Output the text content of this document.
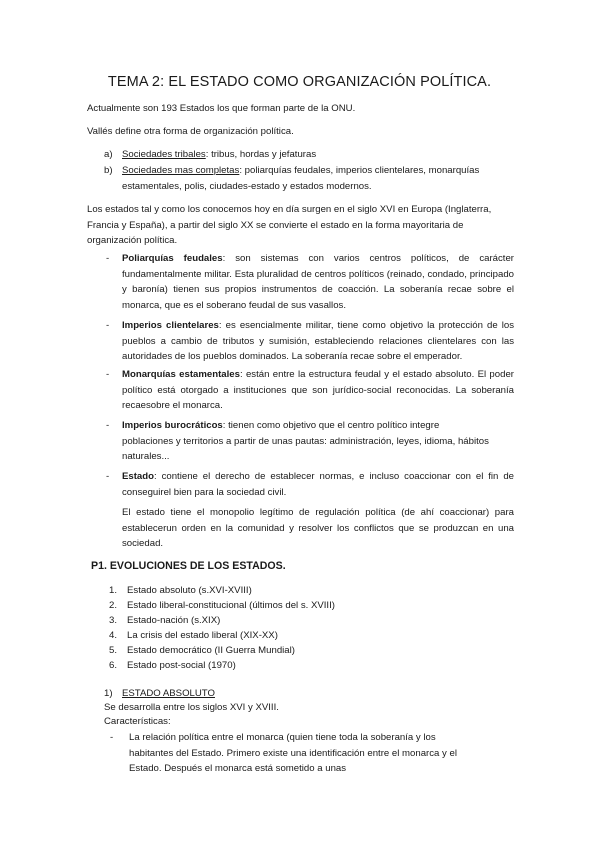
TEMA 2: EL ESTADO COMO ORGANIZACIÓN POLÍTICA.
Actualmente son 193 Estados los que forman parte de la ONU.
Vallés define otra forma de organización política.
a) Sociedades tribales: tribus, hordas y jefaturas
b) Sociedades mas completas: poliarquías feudales, imperios clientelares, monarquías estamentales, polis, ciudades-estado y estados modernos.
Los estados tal y como los conocemos hoy en día surgen en el siglo XVI en Europa (Inglaterra, Francia y España), a partir del siglo XX se convierte el estado en la forma mayoritaria de organización política.
- Poliarquías feudales: son sistemas con varios centros políticos, de carácter fundamentalmente militar. Esta pluralidad de centros políticos (reinado, condado, principado y baronía) tienen sus propios instrumentos de coacción. La soberanía recae sobre el monarca, que es el soberano feudal de sus vasallos.
- Imperios clientelares: es esencialmente militar, tiene como objetivo la protección de los pueblos a cambio de tributos y sumisión, estableciendo relaciones clientelares con las autoridades de los pueblos dominados. La soberanía recae sobre el emperador.
- Monarquías estamentales: están entre la estructura feudal y el estado absoluto. El poder político está otorgado a instituciones que son jurídico-social reconocidas. La soberanía recaesobre el monarca.
- Imperios burocráticos: tienen como objetivo que el centro político integre poblaciones y territorios a partir de unas pautas: administración, leyes, idioma, hábitos naturales...
- Estado: contiene el derecho de establecer normas, e incluso coaccionar con el fin de conseguirel bien para la sociedad civil.
El estado tiene el monopolio legítimo de regulación política (de ahí coaccionar) para establecerun orden en la comunidad y resolver los conflictos que se produzcan en una sociedad.
P1. EVOLUCIONES DE LOS ESTADOS.
1. Estado absoluto (s.XVI-XVIII)
2. Estado liberal-constitucional (últimos del s. XVIII)
3. Estado-nación (s.XIX)
4. La crisis del estado liberal (XIX-XX)
5. Estado democrático (II Guerra Mundial)
6. Estado post-social (1970)
1) ESTADO ABSOLUTO
Se desarrolla entre los siglos XVI y XVIII.
Características:
- La relación política entre el monarca (quien tiene toda la soberanía y los habitantes del Estado. Primero existe una identificación entre el monarca y el Estado. Después el monarca está sometido a unas
